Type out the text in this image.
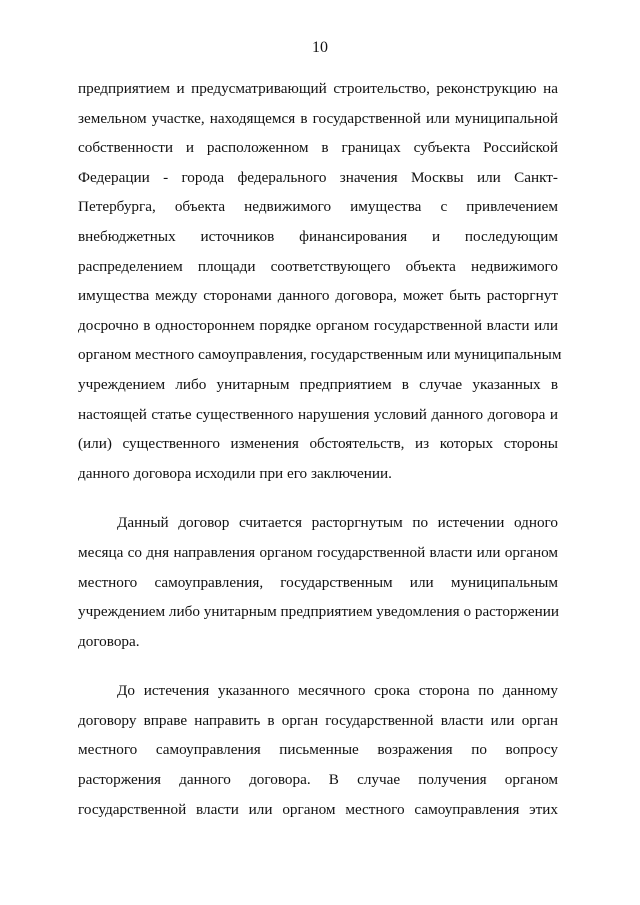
10
предприятием и предусматривающий строительство, реконструкцию на
земельном участке, находящемся в государственной или муниципальной
собственности и расположенном в границах субъекта Российской
Федерации - города федерального значения Москвы или Санкт-
Петербурга, объекта недвижимого имущества с привлечением
внебюджетных источников финансирования и последующим
распределением площади соответствующего объекта недвижимого
имущества между сторонами данного договора, может быть расторгнут
досрочно в одностороннем порядке органом государственной власти или
органом местного самоуправления, государственным или муниципальным
учреждением либо унитарным предприятием в случае указанных в
настоящей статье существенного нарушения условий данного договора и
(или) существенного изменения обстоятельств, из которых стороны
данного договора исходили при его заключении.
Данный договор считается расторгнутым по истечении одного
месяца со дня направления органом государственной власти или органом
местного самоуправления, государственным или муниципальным
учреждением либо унитарным предприятием уведомления о расторжении
договора.
До истечения указанного месячного срока сторона по данному
договору вправе направить в орган государственной власти или орган
местного самоуправления письменные возражения по вопросу
расторжения данного договора. В случае получения органом
государственной власти или органом местного самоуправления этих
